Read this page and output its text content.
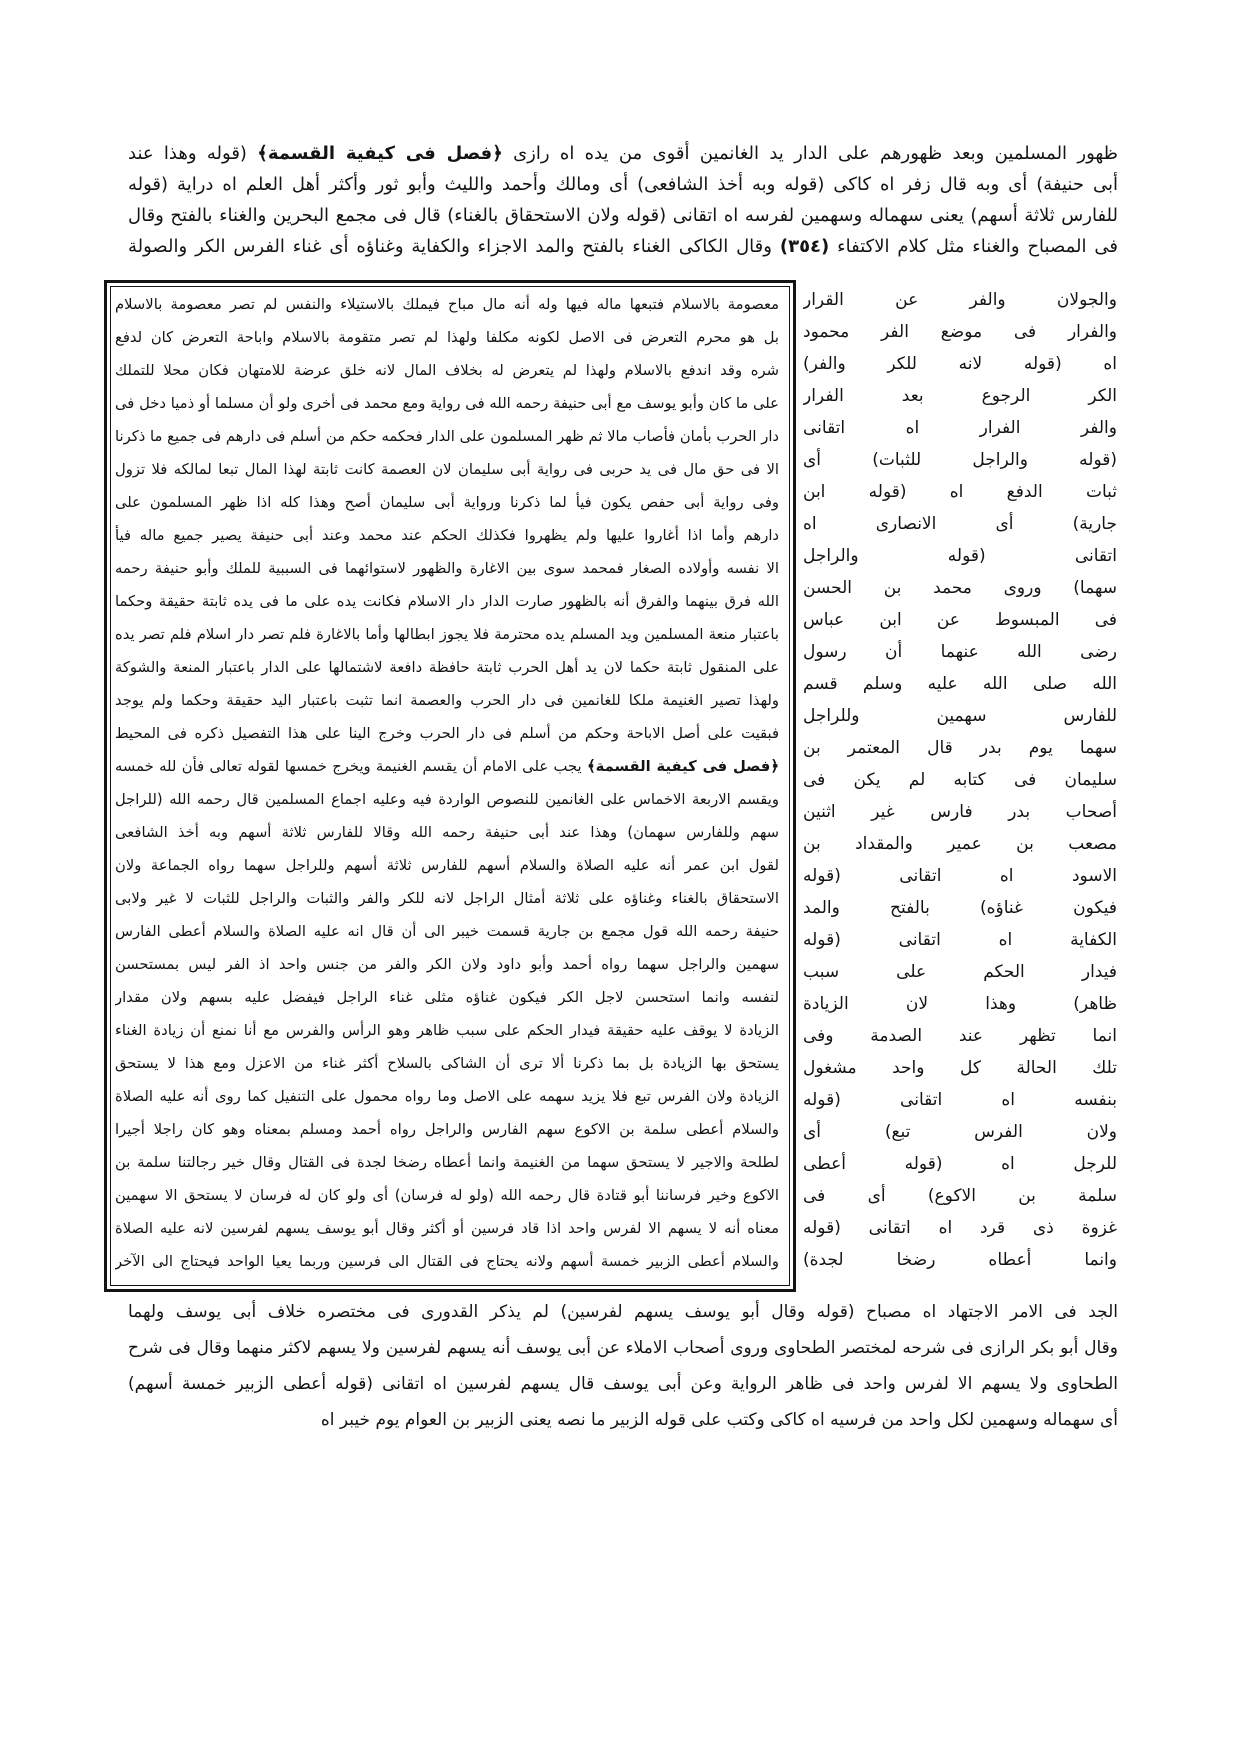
ظهور المسلمين وبعد ظهورهم على الدار يد الغانمين أقوى من يده اه رازى ﴿فصل فى كيفية القسمة﴾ (قوله وهذا عند
أبى حنيفة) أى وبه قال زفر اه كاكى (قوله وبه أخذ الشافعى) أى ومالك وأحمد والليث وأبو ثور وأكثر أهل العلم اه دراية (قوله
للفارس ثلاثة أسهم) يعنى سهماله وسهمين لفرسه اه اتقانى (قوله ولان الاستحقاق بالغناء) قال فى مجمع البحرين والغناء بالفتح وقال
فى المصباح والغناء مثل كلام الاكتفاء (٣٥٤) وقال الكاكى الغناء بالفتح والمد الاجزاء والكفاية وغناؤه أى غناء الفرس الكر والصولة
معصومة بالاسلام فتبعها ماله فيها وله أنه مال مباح فيملك بالاستيلاء والنفس لم تصر معصومة بالاسلام
بل هو محرم التعرض فى الاصل لكونه مكلفا ولهذا لم تصر متقومة بالاسلام واباحة التعرض كان لدفع
شره وقد اندفع بالاسلام ولهذا لم يتعرض له بخلاف المال لانه خلق عرضة للامتهان فكان محلا للتملك
على ما كان وأبو يوسف مع أبى حنيفة رحمه الله فى رواية ومع محمد فى أخرى ولو أن مسلما أو ذميا دخل فى
دار الحرب بأمان فأصاب مالا ثم ظهر المسلمون على الدار فحكمه حكم من أسلم فى دارهم فى جميع ما ذكرنا
الا فى حق مال فى يد حربى فى رواية أبى سليمان لان العصمة كانت ثابتة لهذا المال تبعا لمالكه فلا تزول
وفى رواية أبى حفص يكون فيأ لما ذكرنا ورواية أبى سليمان أصح وهذا كله اذا ظهر المسلمون على
دارهم وأما اذا أغاروا عليها ولم يظهروا فكذلك الحكم عند محمد وعند أبى حنيفة يصير جميع ماله فيأ
الا نفسه وأولاده الصغار فمحمد سوى بين الاغارة والظهور لاستوائهما فى السببية للملك وأبو حنيفة رحمه
الله فرق بينهما والفرق أنه بالظهور صارت الدار دار الاسلام فكانت يده على ما فى يده ثابتة حقيقة وحكما
باعتبار منعة المسلمين ويد المسلم يده محترمة فلا يجوز ابطالها وأما بالاغارة فلم تصر دار اسلام فلم تصر يده
على المنقول ثابتة حكما لان يد أهل الحرب ثابتة حافظة دافعة لاشتمالها على الدار باعتبار المنعة والشوكة
ولهذا تصير الغنيمة ملكا للغانمين فى دار الحرب والعصمة انما تثبت باعتبار اليد حقيقة وحكما ولم يوجد
فبقيت على أصل الاباحة وحكم من أسلم فى دار الحرب وخرج الينا على هذا التفصيل ذكره فى المحيط
﴿فصل فى كيفية القسمة﴾ يجب على الامام أن يقسم الغنيمة ويخرج خمسها لقوله تعالى فأن لله خمسه
ويقسم الاربعة الاخماس على الغانمين للنصوص الواردة فيه وعليه اجماع المسلمين قال رحمه الله (للراجل
سهم وللفارس سهمان) وهذا عند أبى حنيفة رحمه الله وقالا للفارس ثلاثة أسهم وبه أخذ الشافعى
لقول ابن عمر أنه عليه الصلاة والسلام أسهم للفارس ثلاثة أسهم وللراجل سهما رواه الجماعة ولان
الاستحقاق بالغناء وغناؤه على ثلاثة أمثال الراجل لانه للكر والفر والثبات والراجل للثبات لا غير ولابى
حنيفة رحمه الله قول مجمع بن جارية قسمت خيبر الى أن قال انه عليه الصلاة والسلام أعطى الفارس
سهمين والراجل سهما رواه أحمد وأبو داود ولان الكر والفر من جنس واحد اذ الفر ليس بمستحسن
لنفسه وانما استحسن لاجل الكر فيكون غناؤه مثلى غناء الراجل فيفضل عليه بسهم ولان مقدار
الزيادة لا يوقف عليه حقيقة فيدار الحكم على سبب ظاهر وهو الرأس والفرس مع أنا نمنع أن زيادة الغناء
يستحق بها الزيادة بل بما ذكرنا ألا ترى أن الشاكى بالسلاح أكثر غناء من الاعزل ومع هذا لا يستحق
الزيادة ولان الفرس تبع فلا يزيد سهمه على الاصل وما رواه محمول على التنفيل كما روى أنه عليه الصلاة
والسلام أعطى سلمة بن الاكوع سهم الفارس والراجل رواه أحمد ومسلم بمعناه وهو كان راجلا أجيرا
لطلحة والاجير لا يستحق سهما من الغنيمة وانما أعطاه رضخا لجدة فى القتال وقال خير رجالتنا سلمة بن
الاكوع وخير فرساننا أبو قتادة قال رحمه الله (ولو له فرسان) أى ولو كان له فرسان لا يستحق الا سهمين
معناه أنه لا يسهم الا لفرس واحد اذا قاد فرسين أو أكثر وقال أبو يوسف يسهم لفرسين لانه عليه الصلاة
والسلام أعطى الزبير خمسة أسهم ولانه يحتاج فى القتال الى فرسين وربما يعيا الواحد فيحتاج الى الآخر
والجولان والفر عن القرار
والفرار فى موضع الفر محمود
اه (قوله لانه للكر والفر)
الكر الرجوع بعد الفرار
والفر الفرار اه اتقانى
(قوله والراجل للثبات) أى
ثبات الدفع اه (قوله ابن
جارية) أى الانصارى اه
اتقانى (قوله والراجل
سهما) وروى محمد بن الحسن
فى المبسوط عن ابن عباس
رضى الله عنهما أن رسول
الله صلى الله عليه وسلم قسم
للفارس سهمين وللراجل
سهما يوم بدر قال المعتمر بن
سليمان فى كتابه لم يكن فى
أصحاب بدر فارس غير اثنين
مصعب بن عمير والمقداد بن
الاسود اه اتقانى (قوله
فيكون غناؤه) بالفتح والمد
الكفاية اه اتقانى (قوله
فيدار الحكم على سبب
ظاهر) وهذا لان الزيادة
انما تظهر عند الصدمة وفى
تلك الحالة كل واحد مشغول
بنفسه اه اتقانى (قوله
ولان الفرس تبع) أى
للرجل اه (قوله أعطى
سلمة بن الاكوع) أى فى
غزوة ذى قرد اه اتقانى (قوله
وانما أعطاه رضخا لجدة)
الجد فى الامر الاجتهاد اه مصباح (قوله وقال أبو يوسف يسهم لفرسين) لم يذكر القدورى فى مختصره خلاف أبى يوسف ولهما
وقال أبو بكر الرازى فى شرحه لمختصر الطحاوى وروى أصحاب الاملاء عن أبى يوسف أنه يسهم لفرسين ولا يسهم لاكثر منهما وقال فى شرح
الطحاوى ولا يسهم الا لفرس واحد فى ظاهر الرواية وعن أبى يوسف قال يسهم لفرسين اه اتقانى (قوله أعطى الزبير خمسة أسهم)
أى سهماله وسهمين لكل واحد من فرسيه اه كاكى وكتب على قوله الزبير ما نصه يعنى الزبير بن العوام يوم خيبر اه
